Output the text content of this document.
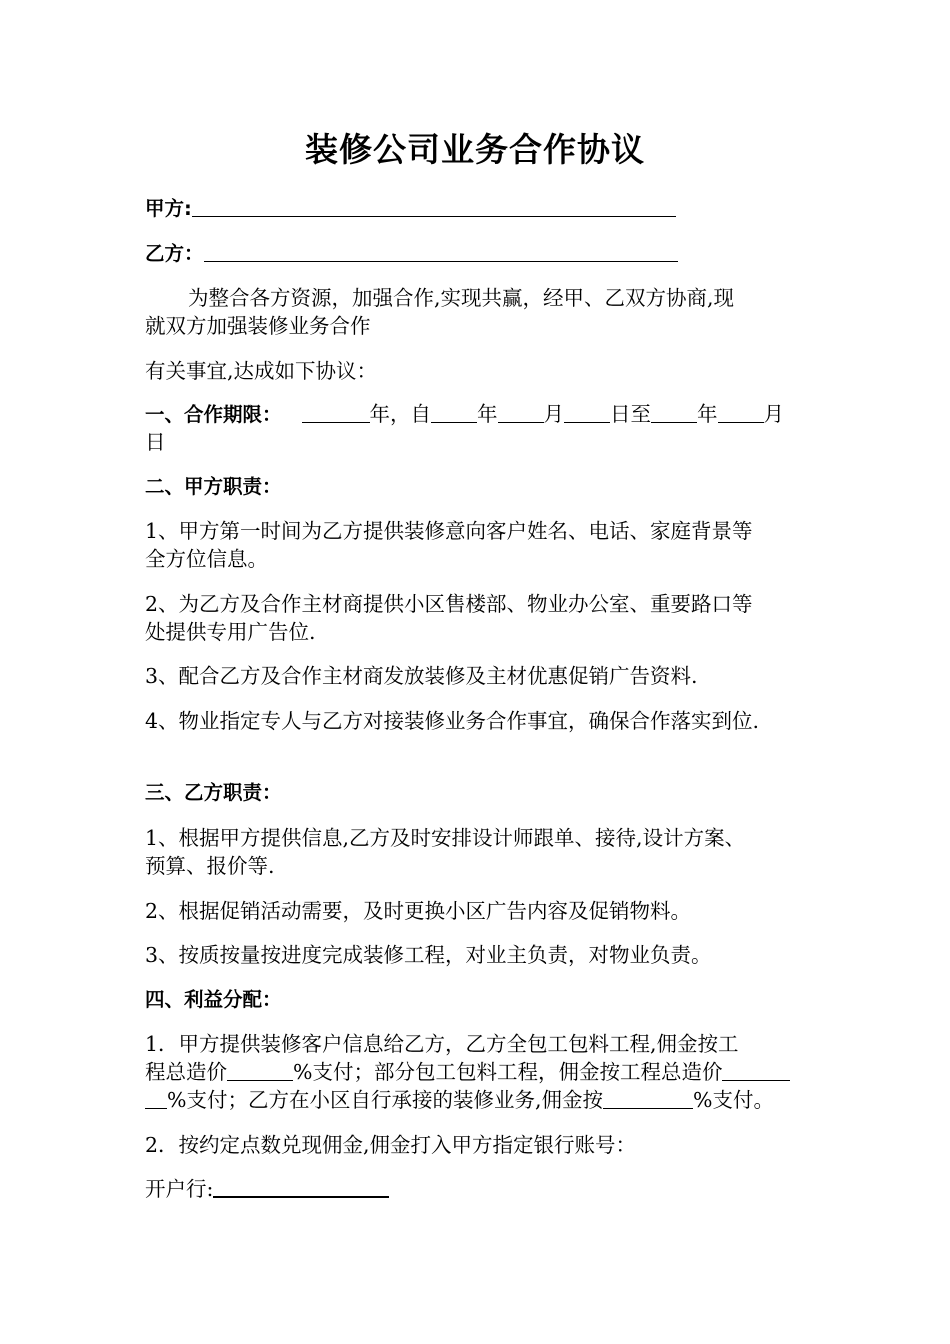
装修公司业务合作协议
甲方:
乙方：
为整合各方资源，加强合作,实现共赢，经甲、乙双方协商,现
就双方加强装修业务合作
有关事宜,达成如下协议：
一、合作期限：	年，自 年 月 日至 年 月
日
二、甲方职责：
1、甲方第一时间为乙方提供装修意向客户姓名、电话、家庭背景等
全方位信息。
2、为乙方及合作主材商提供小区售楼部、物业办公室、重要路口等
处提供专用广告位.
3、配合乙方及合作主材商发放装修及主材优惠促销广告资料.
4、物业指定专人与乙方对接装修业务合作事宜，确保合作落实到位.
三、乙方职责：
1、根据甲方提供信息,乙方及时安排设计师跟单、接待,设计方案、
预算、报价等.
2、根据促销活动需要，及时更换小区广告内容及促销物料。
3、按质按量按进度完成装修工程，对业主负责，对物业负责。
四、利益分配：
1．甲方提供装修客户信息给乙方，乙方全包工包料工程,佣金按工
程总造价	%支付；部分包工包料工程，佣金按工程总造价
%支付；乙方在小区自行承接的装修业务,佣金按	%支付。
2．按约定点数兑现佣金,佣金打入甲方指定银行账号：
开户行:
